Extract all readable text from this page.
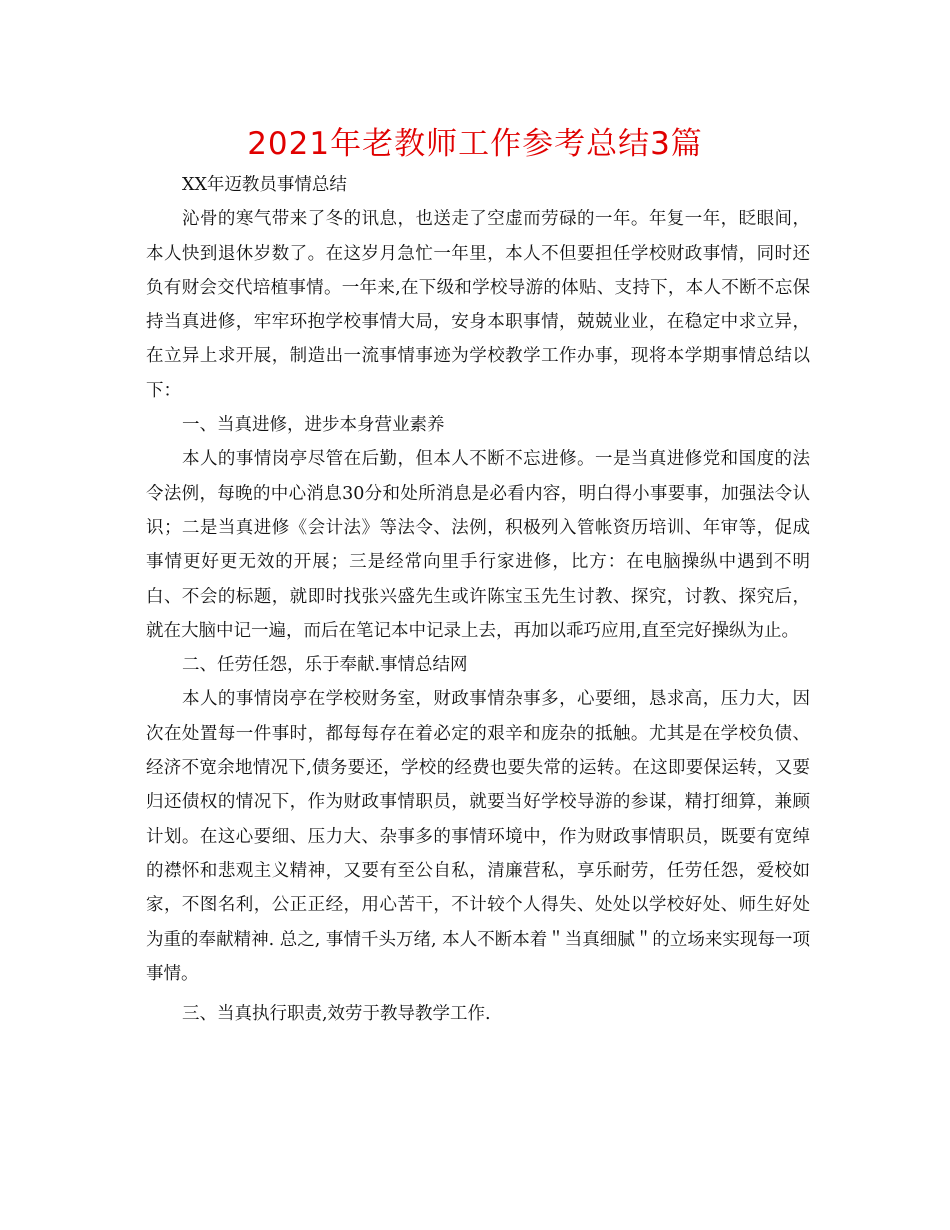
2021年老教师工作参考总结3篇

XX年迈教员事情总结

沁骨的寒气带来了冬的讯息，也送走了空虚而劳碌的一年。年复一年，眨眼间，本人快到退休岁数了。在这岁月急忙一年里，本人不但要担任学校财政事情，同时还负有财会交代培植事情。一年来,在下级和学校导游的体贴、支持下，本人不断不忘保持当真进修，牢牢环抱学校事情大局，安身本职事情，兢兢业业，在稳定中求立异，在立异上求开展，制造出一流事情事迹为学校教学工作办事，现将本学期事情总结以下：

一、当真进修，进步本身营业素养

本人的事情岗亭尽管在后勤，但本人不断不忘进修。一是当真进修党和国度的法令法例，每晚的中心消息30分和处所消息是必看内容，明白得小事要事，加强法令认识；二是当真进修《会计法》等法令、法例，积极列入管帐资历培训、年审等，促成事情更好更无效的开展；三是经常向里手行家进修，比方：在电脑操纵中遇到不明白、不会的标题，就即时找张兴盛先生或许陈宝玉先生讨教、探究，讨教、探究后，就在大脑中记一遍，而后在笔记本中记录上去，再加以乖巧应用,直至完好操纵为止。

二、任劳任怨，乐于奉献.事情总结网

本人的事情岗亭在学校财务室，财政事情杂事多，心要细，恳求高，压力大，因次在处置每一件事时，都每每存在着必定的艰辛和庞杂的抵触。尤其是在学校负债、经济不宽余地情况下,债务要还，学校的经费也要失常的运转。在这即要保运转，又要归还债权的情况下，作为财政事情职员，就要当好学校导游的参谋，精打细算，兼顾计划。在这心要细、压力大、杂事多的事情环境中，作为财政事情职员，既要有宽绰的襟怀和悲观主义精神，又要有至公自私，清廉营私，享乐耐劳，任劳任怨，爱校如家，不图名利，公正正经，用心苦干，不计较个人得失、处处以学校好处、师生好处为重的奉献精神. 总之, 事情千头万绪, 本人不断本着＂当真细腻＂的立场来实现每一项事情。

三、当真执行职责,效劳于教导教学工作.
